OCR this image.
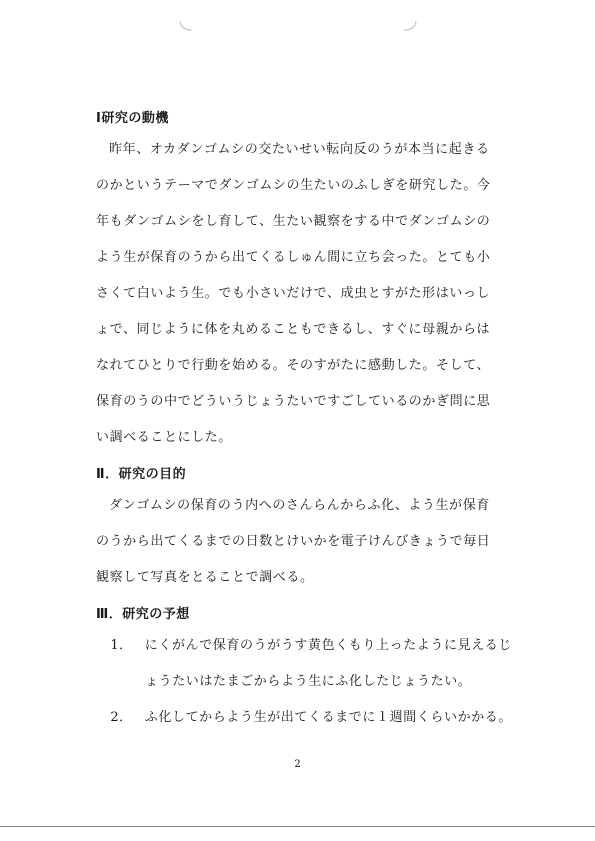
Ⅰ研究の動機
昨年、オカダンゴムシの交たいせい転向反のうが本当に起きる
のかというテーマでダンゴムシの生たいのふしぎを研究した。今
年もダンゴムシをし育して、生たい観察をする中でダンゴムシの
よう生が保育のうから出てくるしゅん間に立ち会った。とても小
さくて白いよう生。でも小さいだけで、成虫とすがた形はいっし
ょで、同じように体を丸めることもできるし、すぐに母親からは
なれてひとりで行動を始める。そのすがたに感動した。そして、
保育のうの中でどういうじょうたいですごしているのかぎ問に思
い調べることにした。
Ⅱ．研究の目的
ダンゴムシの保育のう内へのさんらんからふ化、よう生が保育
のうから出てくるまでの日数とけいかを電子けんびきょうで毎日
観察して写真をとることで調べる。
Ⅲ．研究の予想
1． にくがんで保育のうがうす黄色くもり上ったように見えるじ
ょうたいはたまごからよう生にふ化したじょうたい。
2． ふ化してからよう生が出てくるまでに１週間くらいかかる。
2
